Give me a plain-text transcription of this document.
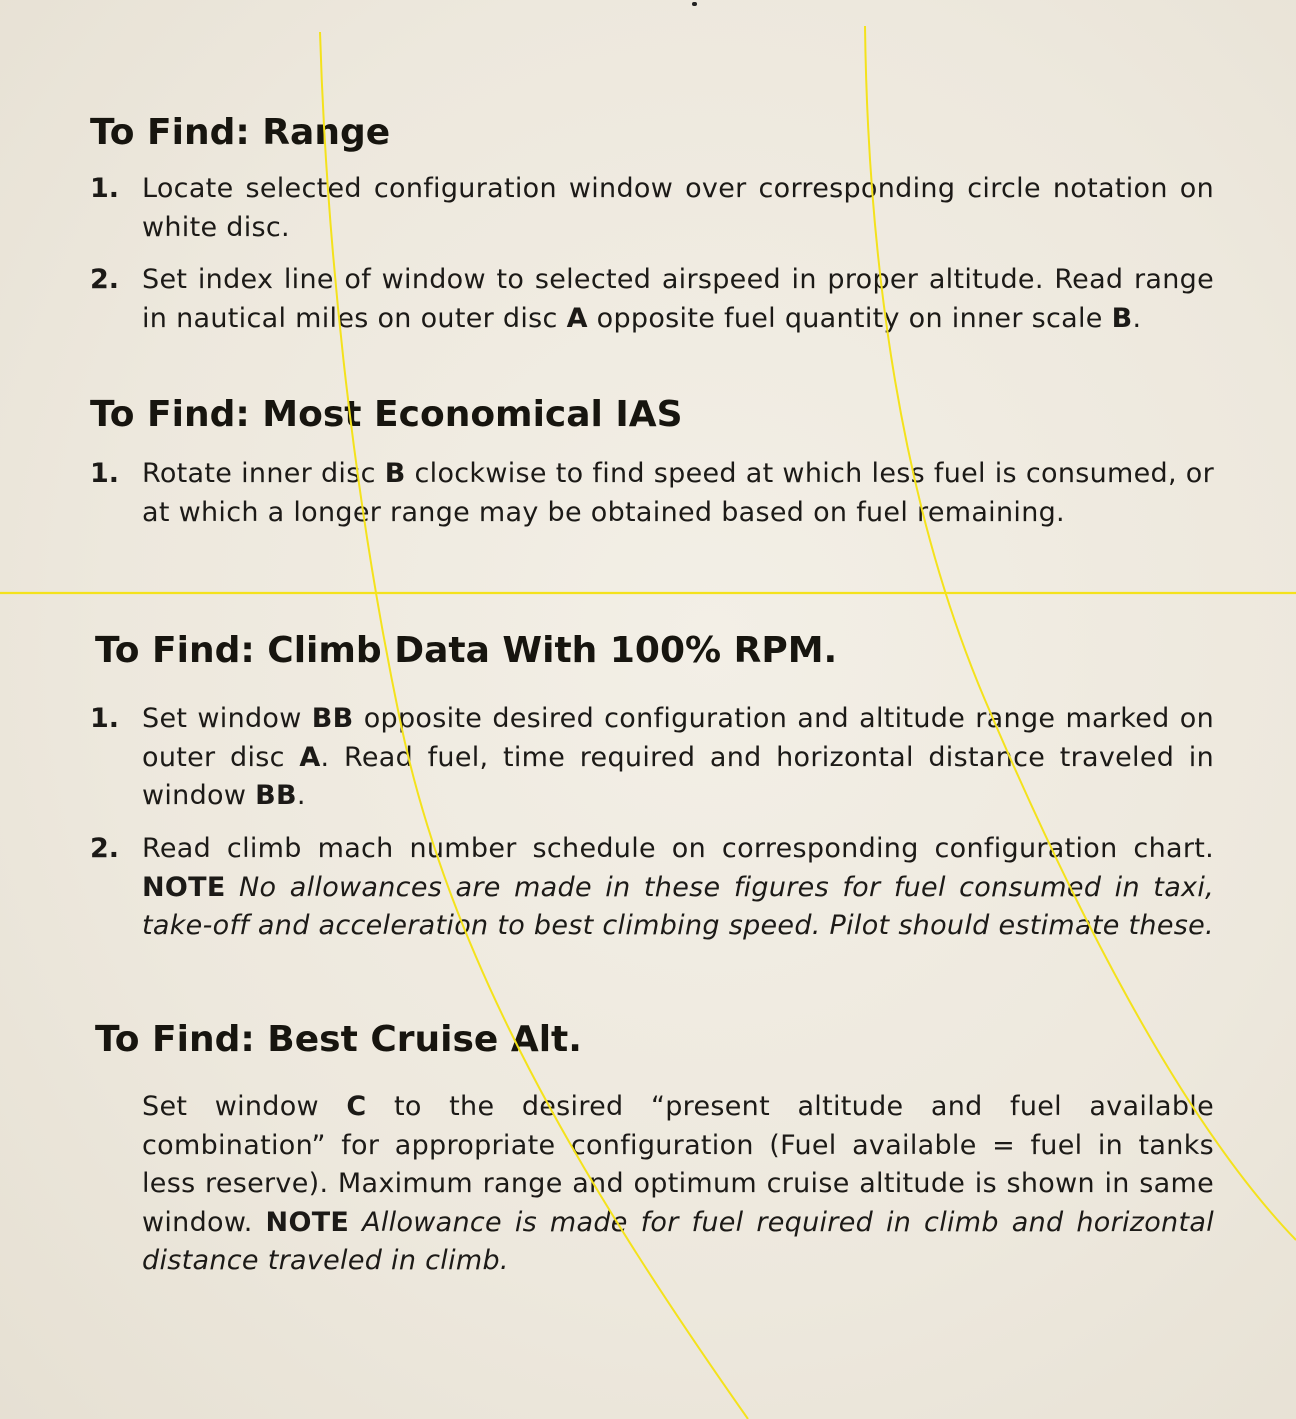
To Find: Range
1. Locate selected configuration window over corresponding circle notation on white disc.
2. Set index line of window to selected airspeed in proper altitude. Read range in nautical miles on outer disc A opposite fuel quantity on inner scale B.
To Find: Most Economical IAS
1. Rotate inner disc B clockwise to find speed at which less fuel is consumed, or at which a longer range may be obtained based on fuel remaining.
To Find: Climb Data With 100% RPM.
1. Set window BB opposite desired configuration and altitude range marked on outer disc A. Read fuel, time required and horizontal distance traveled in window BB.
2. Read climb mach number schedule on corresponding configuration chart. NOTE No allowances are made in these figures for fuel consumed in taxi, take-off and acceleration to best climbing speed. Pilot should estimate these.
To Find: Best Cruise Alt.
Set window C to the desired “present altitude and fuel available combination” for appropriate configuration (Fuel available = fuel in tanks less reserve). Maximum range and optimum cruise altitude is shown in same window. NOTE Allowance is made for fuel required in climb and horizontal distance traveled in climb.
